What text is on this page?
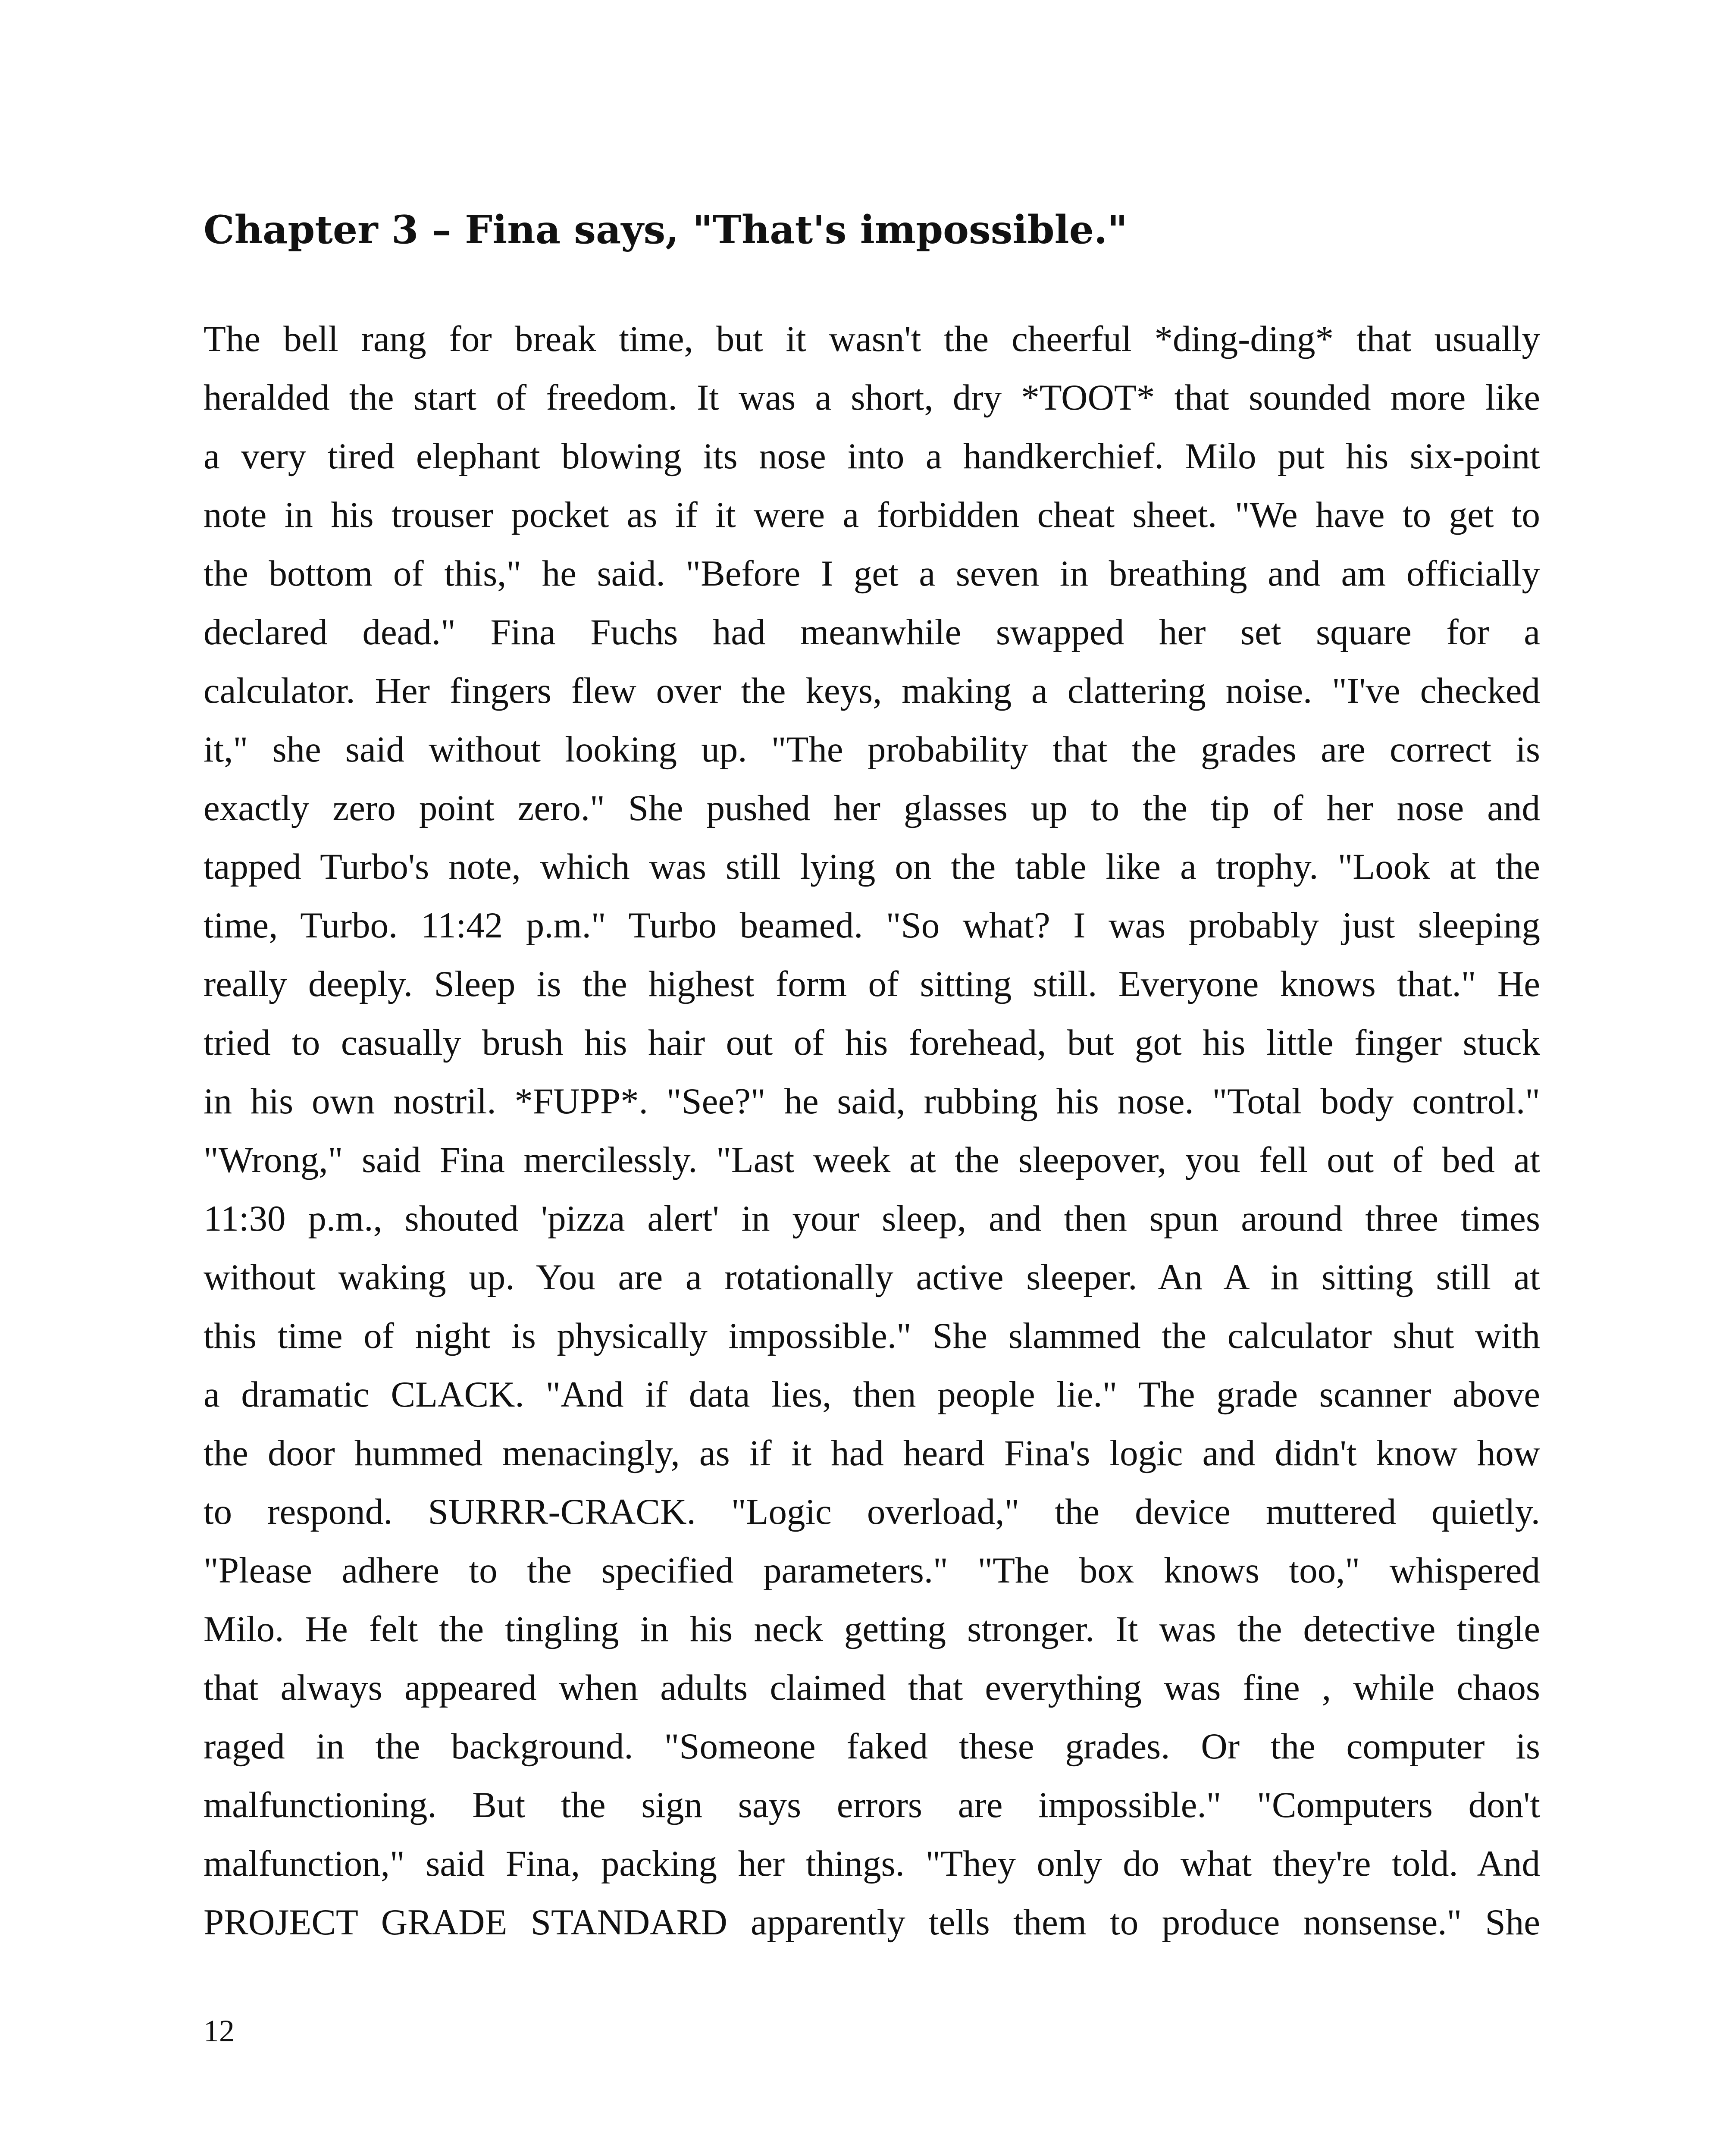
Chapter 3 – Fina says, "That's impossible."
The bell rang for break time, but it wasn't the cheerful *ding-ding* that usually
heralded the start of freedom. It was a short, dry *TOOT* that sounded more like
a very tired elephant blowing its nose into a handkerchief. Milo put his six-point
note in his trouser pocket as if it were a forbidden cheat sheet. "We have to get to
the bottom of this," he said. "Before I get a seven in breathing and am officially
declared dead." Fina Fuchs had meanwhile swapped her set square for a
calculator. Her fingers flew over the keys, making a clattering noise. "I've checked
it," she said without looking up. "The probability that the grades are correct is
exactly zero point zero." She pushed her glasses up to the tip of her nose and
tapped Turbo's note, which was still lying on the table like a trophy. "Look at the
time, Turbo. 11:42 p.m." Turbo beamed. "So what? I was probably just sleeping
really deeply. Sleep is the highest form of sitting still. Everyone knows that." He
tried to casually brush his hair out of his forehead, but got his little finger stuck
in his own nostril. *FUPP*. "See?" he said, rubbing his nose. "Total body control."
"Wrong," said Fina mercilessly. "Last week at the sleepover, you fell out of bed at
11:30 p.m., shouted 'pizza alert' in your sleep, and then spun around three times
without waking up. You are a rotationally active sleeper. An A in sitting still at
this time of night is physically impossible." She slammed the calculator shut with
a dramatic CLACK. "And if data lies, then people lie." The grade scanner above
the door hummed menacingly, as if it had heard Fina's logic and didn't know how
to respond. SURRR-CRACK. "Logic overload," the device muttered quietly.
"Please adhere to the specified parameters." "The box knows too," whispered
Milo. He felt the tingling in his neck getting stronger. It was the detective tingle
that always appeared when adults claimed that everything was fine , while chaos
raged in the background. "Someone faked these grades. Or the computer is
malfunctioning. But the sign says errors are impossible." "Computers don't
malfunction," said Fina, packing her things. "They only do what they're told. And
PROJECT GRADE STANDARD apparently tells them to produce nonsense." She
12
